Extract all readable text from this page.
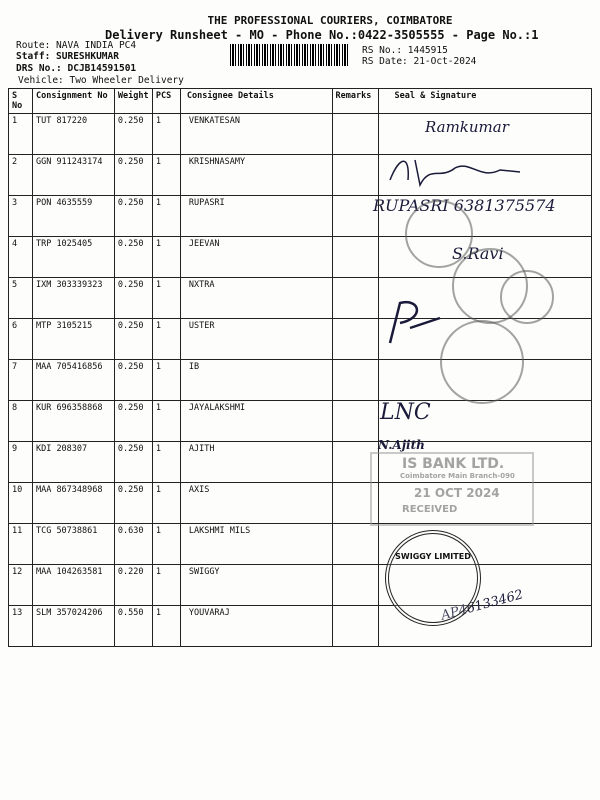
THE PROFESSIONAL COURIERS, COIMBATORE
Delivery Runsheet - MO - Phone No.:0422-3505555 - Page No.:1
Route: NAVA INDIA PC4
Staff: SURESHKUMAR
DRS No.: DCJB14591501
Vehicle: Two Wheeler Delivery
RS No.: 1445915
RS Date: 21-Oct-2024
S No	Consignment No	Weight	PCS	Consignee Details	Remarks	Seal & Signature
1	TUT 817220	0.250	1	VENKATESAN		
2	GGN 911243174	0.250	1	KRISHNASAMY		
3	PON 4635559	0.250	1	RUPASRI		
4	TRP 1025405	0.250	1	JEEVAN		
5	IXM 303339323	0.250	1	NXTRA		
6	MTP 3105215	0.250	1	USTER		
7	MAA 705416856	0.250	1	IB		
8	KUR 696358868	0.250	1	JAYALAKSHMI		
9	KDI 208307	0.250	1	AJITH		
10	MAA 867348968	0.250	1	AXIS		
11	TCG 50738861	0.630	1	LAKSHMI MILS		
12	MAA 104263581	0.220	1	SWIGGY		
13	SLM 357024206	0.550	1	YOUVARAJ		
Ramkumar
RUPASRI 6381375574
S.Ravi
LNC
N.Ajith
AP46133462
IS BANK LTD.
Coimbatore Main Branch-090
21 OCT 2024
RECEIVED
SWIGGY LIMITED
